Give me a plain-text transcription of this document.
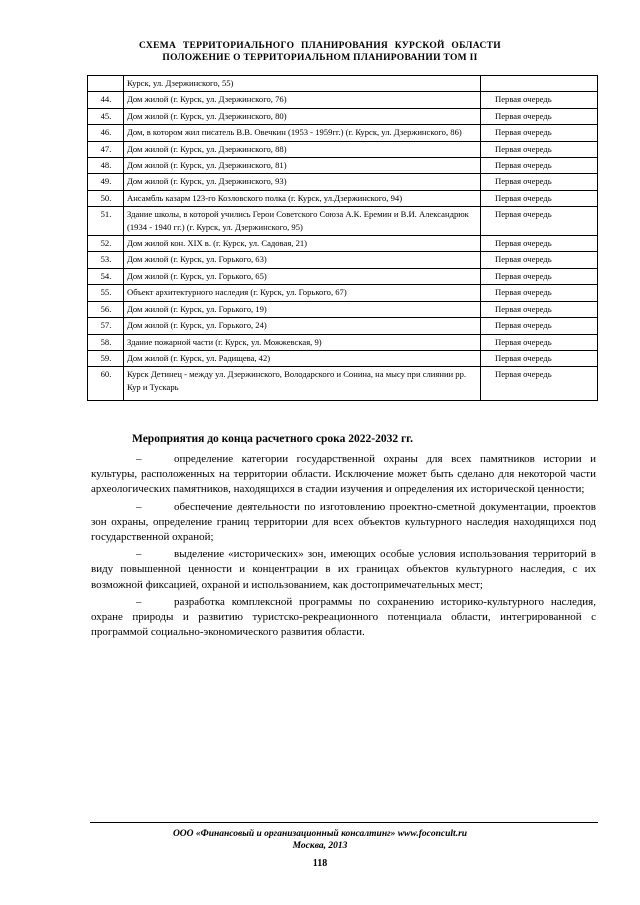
СХЕМА ТЕРРИТОРИАЛЬНОГО ПЛАНИРОВАНИЯ КУРСКОЙ ОБЛАСТИ
ПОЛОЖЕНИЕ О ТЕРРИТОРИАЛЬНОМ ПЛАНИРОВАНИИ ТОМ II
	Курск, ул. Дзержинского, 55)	
44.	Дом жилой (г. Курск, ул. Дзержинского, 76)	Первая очередь
45.	Дом жилой (г. Курск, ул. Дзержинского, 80)	Первая очередь
46.	Дом, в котором жил писатель В.В. Овечкин (1953 - 1959гг.) (г. Курск, ул. Дзержинского, 86)	Первая очередь
47.	Дом жилой (г. Курск, ул. Дзержинского, 88)	Первая очередь
48.	Дом жилой (г. Курск, ул. Дзержинского, 81)	Первая очередь
49.	Дом жилой (г. Курск, ул. Дзержинского, 93)	Первая очередь
50.	Ансамбль казарм 123-го Козловского полка (г. Курск, ул.Дзержинского, 94)	Первая очередь
51.	Здание школы, в которой учились Герои Советского Союза А.К. Еремин и В.И. Александрюк (1934 - 1940 гг.) (г. Курск, ул. Дзержинского, 95)	Первая очередь
52.	Дом жилой кон. XIX в. (г. Курск, ул. Садовая, 21)	Первая очередь
53.	Дом жилой (г. Курск, ул. Горького, 63)	Первая очередь
54.	Дом жилой (г. Курск, ул. Горького, 65)	Первая очередь
55.	Объект архитектурного наследия (г. Курск, ул. Горького, 67)	Первая очередь
56.	Дом жилой (г. Курск, ул. Горького, 19)	Первая очередь
57.	Дом жилой (г. Курск, ул. Горького, 24)	Первая очередь
58.	Здание пожарной части (г. Курск, ул. Можжевская, 9)	Первая очередь
59.	Дом жилой (г. Курск, ул. Радищева, 42)	Первая очередь
60.	Курск Детинец - между ул. Дзержинского, Володарского и Сонина, на мысу при слиянии рр. Кур и Тускарь	Первая очередь
Мероприятия до конца расчетного срока 2022-2032 гг.

–	определение категории государственной охраны для всех памятников истории и культуры, расположенных на территории области. Исключение может быть сделано для некоторой части археологических памятников, находящихся в стадии изучения и определения их исторической ценности;

–	обеспечение деятельности по изготовлению проектно-сметной документации, проектов зон охраны, определение границ территории для всех объектов культурного наследия находящихся под государственной охраной;

–	выделение «исторических» зон, имеющих особые условия использования территорий в виду повышенной ценности и концентрации в их границах объектов культурного наследия, с их возможной фиксацией, охраной и использованием, как достопримечательных мест;

–	разработка комплексной программы по сохранению историко-культурного наследия, охране природы и развитию туристско-рекреационного потенциала области, интегрированной с программой социально-экономического развития области.

ООО «Финансовый и организационный консалтинг» www.foconcult.ru
Москва, 2013
118
